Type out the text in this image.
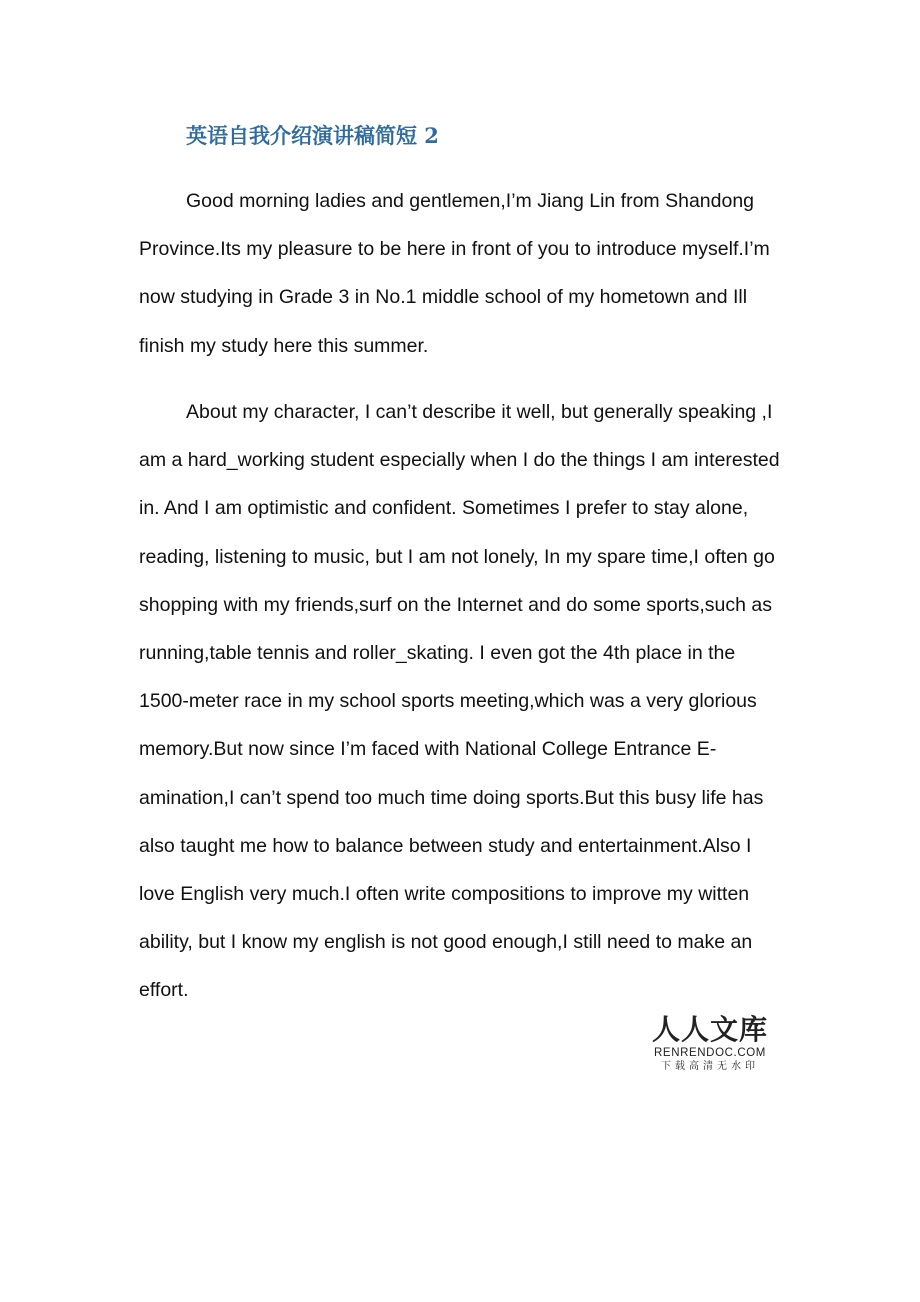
英语自我介绍演讲稿简短 2

Good morning ladies and gentlemen,I’m Jiang Lin from Shandong Province.Its my pleasure to be here in front of you to introduce myself.I’m now studying in Grade 3 in No.1 middle school of my hometown and Ill finish my study here this summer.

About my character, I can’t describe it well, but generally speaking ,I am a hard_working student especially when I do the things I am interested in. And I am optimistic and confident. Sometimes I prefer to stay alone, reading, listening to music, but I am not lonely, In my spare time,I often go shopping with my friends,surf on the Internet and do some sports,such as running,table tennis and roller_skating. I even got the 4th place in the 1500-meter race in my school sports meeting,which was a very glorious memory.But now since I’m faced with National College Entrance E-amination,I can’t spend too much time doing sports.But this busy life has also taught me how to balance between study and entertainment.Also I love English very much.I often write compositions to improve my witten ability, but I know my english is not good enough,I still need to make an effort.

人人文库
RENRENDOC.COM
下载高清无水印
